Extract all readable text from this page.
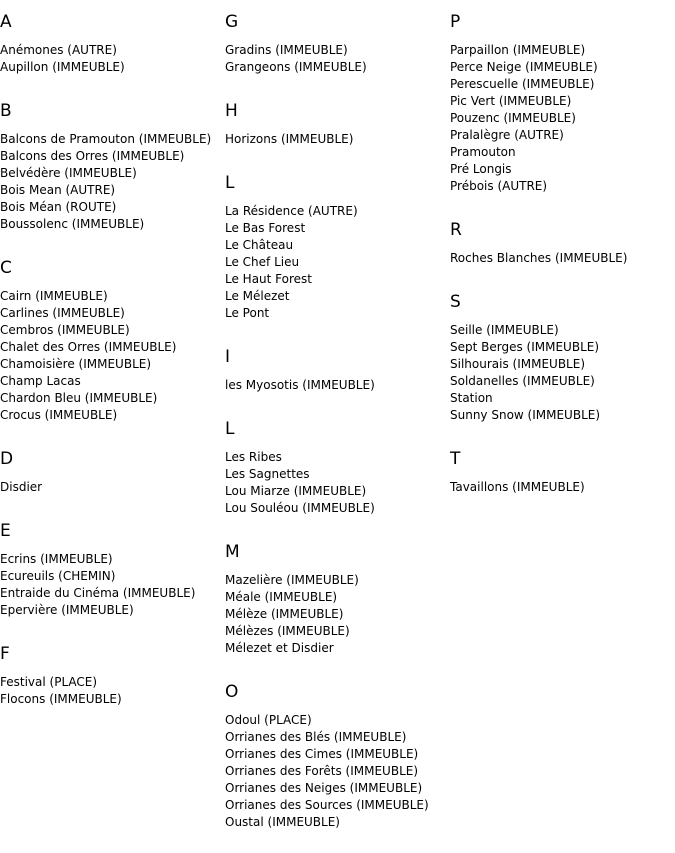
A
Anémones (AUTRE)
Aupillon (IMMEUBLE)
B
Balcons de Pramouton (IMMEUBLE)
Balcons des Orres (IMMEUBLE)
Belvédère (IMMEUBLE)
Bois Mean (AUTRE)
Bois Méan (ROUTE)
Boussolenc (IMMEUBLE)
C
Cairn (IMMEUBLE)
Carlines (IMMEUBLE)
Cembros (IMMEUBLE)
Chalet des Orres (IMMEUBLE)
Chamoisière (IMMEUBLE)
Champ Lacas
Chardon Bleu (IMMEUBLE)
Crocus (IMMEUBLE)
D
Disdier
E
Ecrins (IMMEUBLE)
Ecureuils (CHEMIN)
Entraide du Cinéma (IMMEUBLE)
Epervière (IMMEUBLE)
F
Festival (PLACE)
Flocons (IMMEUBLE)
G
Gradins (IMMEUBLE)
Grangeons (IMMEUBLE)
H
Horizons (IMMEUBLE)
L
La Résidence (AUTRE)
Le Bas Forest
Le Château
Le Chef Lieu
Le Haut Forest
Le Mélezet
Le Pont
I
les Myosotis (IMMEUBLE)
L
Les Ribes
Les Sagnettes
Lou Miarze (IMMEUBLE)
Lou Souléou (IMMEUBLE)
M
Mazelière (IMMEUBLE)
Méale (IMMEUBLE)
Mélèze (IMMEUBLE)
Mélèzes (IMMEUBLE)
Mélezet et Disdier
O
Odoul (PLACE)
Orrianes des Blés (IMMEUBLE)
Orrianes des Cimes (IMMEUBLE)
Orrianes des Forêts (IMMEUBLE)
Orrianes des Neiges (IMMEUBLE)
Orrianes des Sources (IMMEUBLE)
Oustal (IMMEUBLE)
P
Parpaillon (IMMEUBLE)
Perce Neige (IMMEUBLE)
Perescuelle (IMMEUBLE)
Pic Vert (IMMEUBLE)
Pouzenc (IMMEUBLE)
Pralalègre (AUTRE)
Pramouton
Pré Longis
Prébois (AUTRE)
R
Roches Blanches (IMMEUBLE)
S
Seille (IMMEUBLE)
Sept Berges (IMMEUBLE)
Silhourais (IMMEUBLE)
Soldanelles (IMMEUBLE)
Station
Sunny Snow (IMMEUBLE)
T
Tavaillons (IMMEUBLE)
